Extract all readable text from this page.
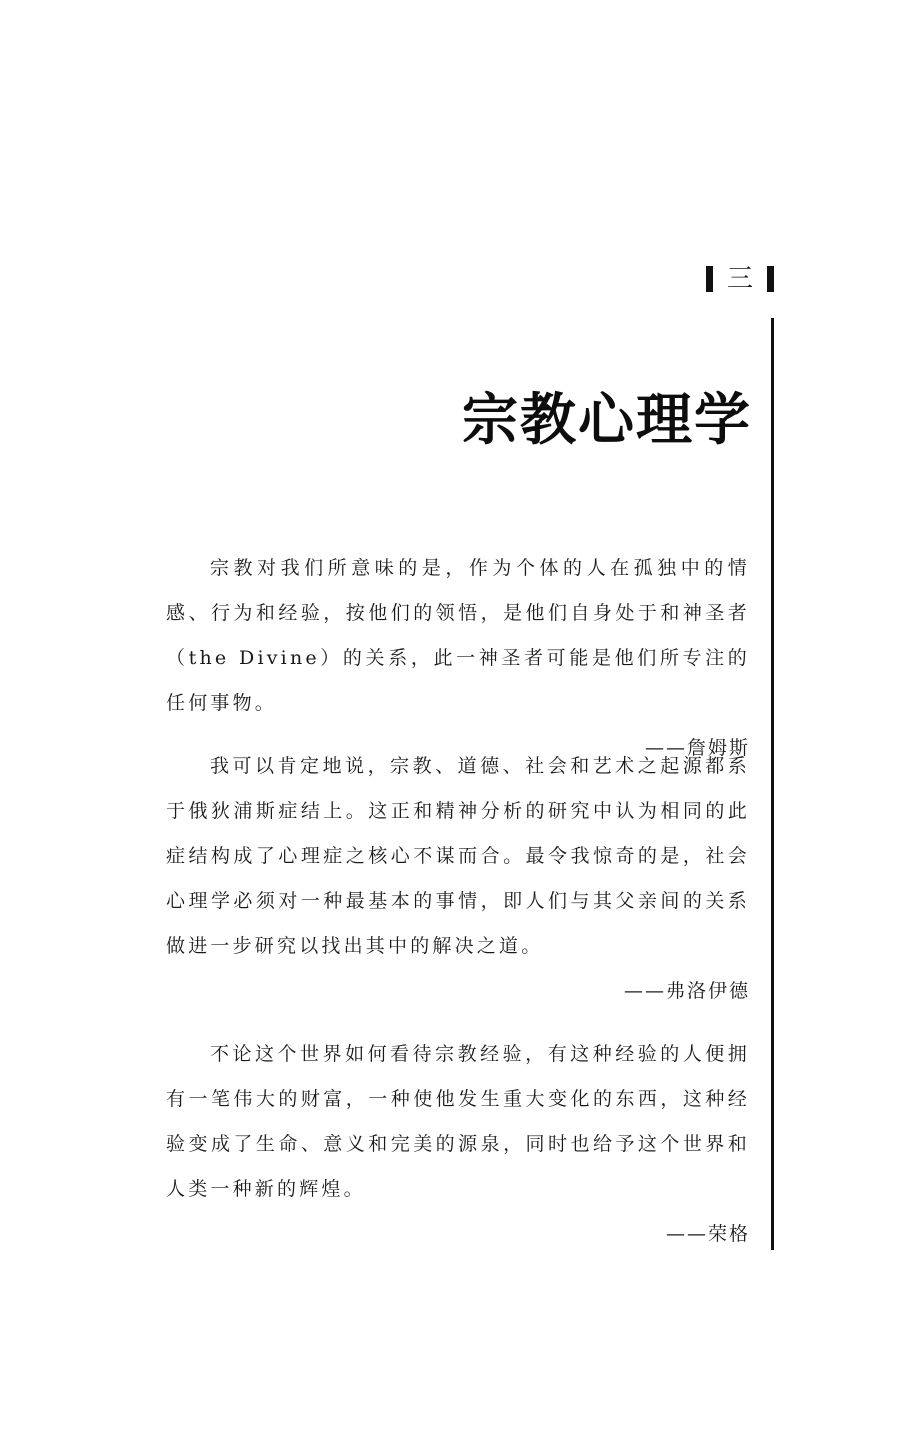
三
宗教心理学

宗教对我们所意味的是，作为个体的人在孤独中的情感、行为和经验，按他们的领悟，是他们自身处于和神圣者（the Divine）的关系，此一神圣者可能是他们所专注的任何事物。

——詹姆斯

我可以肯定地说，宗教、道德、社会和艺术之起源都系于俄狄浦斯症结上。这正和精神分析的研究中认为相同的此症结构成了心理症之核心不谋而合。最令我惊奇的是，社会心理学必须对一种最基本的事情，即人们与其父亲间的关系做进一步研究以找出其中的解决之道。

——弗洛伊德

不论这个世界如何看待宗教经验，有这种经验的人便拥有一笔伟大的财富，一种使他发生重大变化的东西，这种经验变成了生命、意义和完美的源泉，同时也给予这个世界和人类一种新的辉煌。

——荣格
